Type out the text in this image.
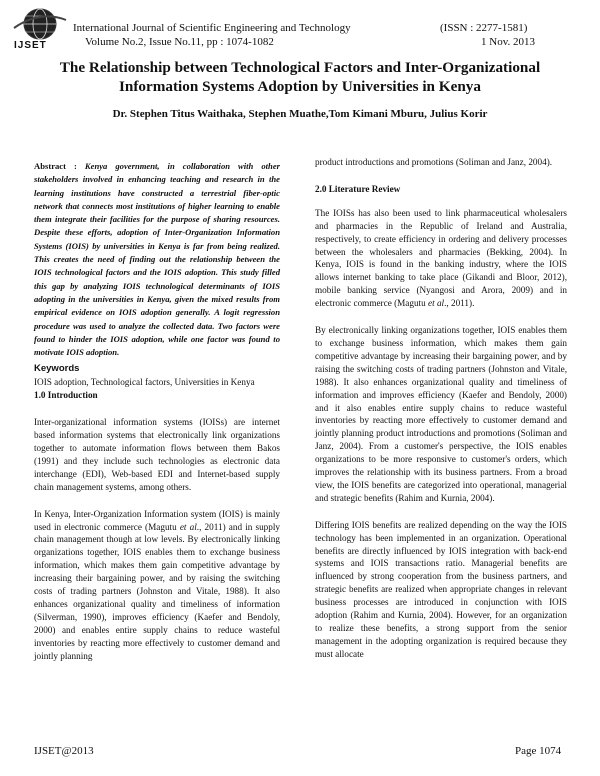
IJSET
International Journal of Scientific Engineering and Technology
Volume No.2, Issue No.11, pp : 1074-1082
(ISSN : 2277-1581)
1 Nov. 2013
The Relationship between Technological Factors and Inter-Organizational
Information Systems Adoption by Universities in Kenya
Dr. Stephen Titus Waithaka, Stephen Muathe,Tom Kimani Mburu, Julius Korir

Abstract : Kenya government, in collaboration with other stakeholders involved in enhancing teaching and research in the learning institutions have constructed a terrestrial fiber-optic network that connects most institutions of higher learning to enable them integrate their facilities for the purpose of sharing resources. Despite these efforts, adoption of Inter-Organization Information Systems (IOIS) by universities in Kenya is far from being realized. This creates the need of finding out the relationship between the IOIS technological factors and the IOIS adoption. This study filled this gap by analyzing IOIS technological determinants of IOIS adopting in the universities in Kenya, given the mixed results from empirical evidence on IOIS adoption generally. A logit regression procedure was used to analyze the collected data. Two factors were found to hinder the IOIS adoption, while one factor was found to motivate IOIS adoption.

Keywords

IOIS adoption, Technological factors, Universities in Kenya

1.0 Introduction

Inter-organizational information systems (IOISs) are internet based information systems that electronically link organizations together to automate information flows between them Bakos (1991) and they include such technologies as electronic data interchange (EDI), Web-based EDI and Internet-based supply chain management systems, among others.

In Kenya, Inter-Organization Information system (IOIS) is mainly used in electronic commerce (Magutu et al., 2011) and in supply chain management though at low levels. By electronically linking organizations together, IOIS enables them to exchange business information, which makes them gain competitive advantage by increasing their bargaining power, and by raising the switching costs of trading partners (Johnston and Vitale, 1988). It also enhances organizational quality and timeliness of information (Silverman, 1990), improves efficiency (Kaefer and Bendoly, 2000) and enables entire supply chains to reduce wasteful inventories by reacting more effectively to customer demand and jointly planning

product introductions and promotions (Soliman and Janz, 2004).

2.0 Literature Review

The IOISs has also been used to link pharmaceutical wholesalers and pharmacies in the Republic of Ireland and Australia, respectively, to create efficiency in ordering and delivery processes between the wholesalers and pharmacies (Bekking, 2004). In Kenya, IOIS is found in the banking industry, where the IOIS allows internet banking to take place (Gikandi and Bloor, 2012), mobile banking service (Nyangosi and Arora, 2009) and in electronic commerce (Magutu et al., 2011).

By electronically linking organizations together, IOIS enables them to exchange business information, which makes them gain competitive advantage by increasing their bargaining power, and by raising the switching costs of trading partners (Johnston and Vitale, 1988). It also enhances organizational quality and timeliness of information and improves efficiency (Kaefer and Bendoly, 2000) and it also enables entire supply chains to reduce wasteful inventories by reacting more effectively to customer demand and jointly planning product introductions and promotions (Soliman and Janz, 2004). From a customer's perspective, the IOIS enables organizations to be more responsive to customer's orders, which improves the relationship with its business partners. From a broad view, the IOIS benefits are categorized into operational, managerial and strategic benefits (Rahim and Kurnia, 2004).

Differing IOIS benefits are realized depending on the way the IOIS technology has been implemented in an organization. Operational benefits are directly influenced by IOIS integration with back-end systems and IOIS transactions ratio. Managerial benefits are influenced by strong cooperation from the business partners, and strategic benefits are realized when appropriate changes in relevant business processes are introduced in conjunction with IOIS adoption (Rahim and Kurnia, 2004). However, for an organization to realize these benefits, a strong support from the senior management in the adopting organization is required because they must allocate

IJSET@2013	Page 1074
